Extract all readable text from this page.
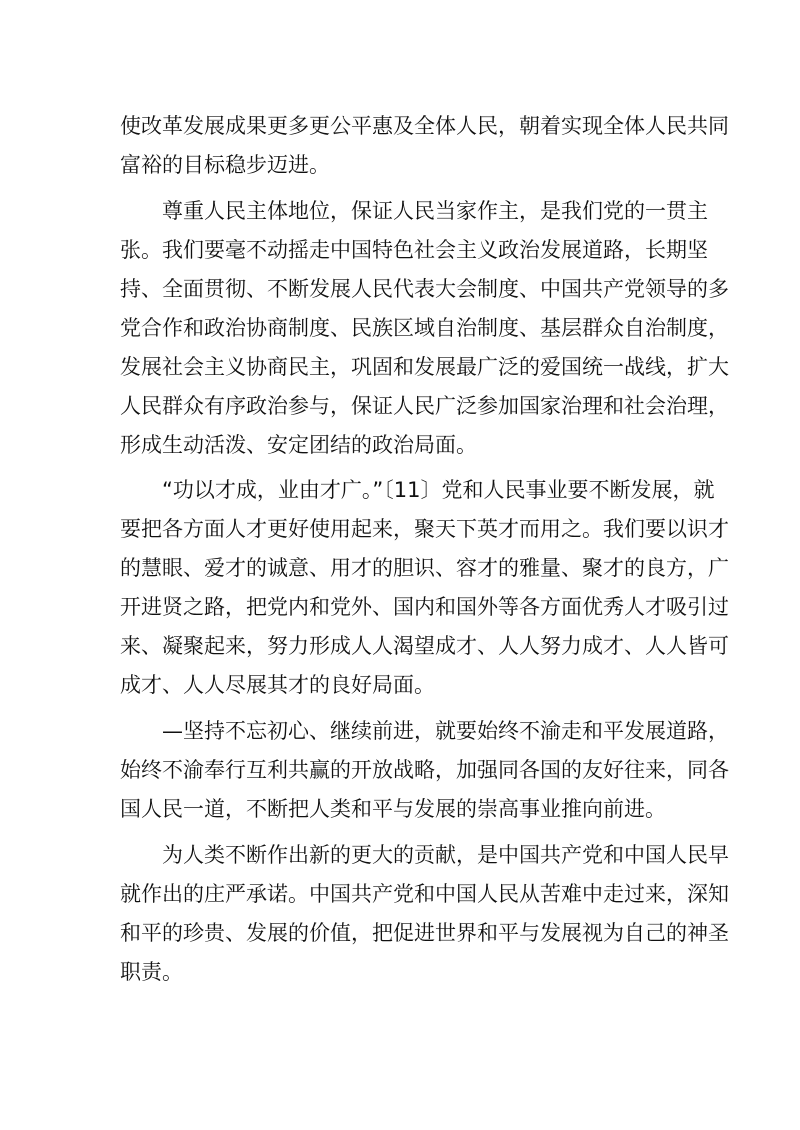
使改革发展成果更多更公平惠及全体人民，朝着实现全体人民共同
富裕的目标稳步迈进。
尊重人民主体地位，保证人民当家作主，是我们党的一贯主
张。我们要毫不动摇走中国特色社会主义政治发展道路，长期坚
持、全面贯彻、不断发展人民代表大会制度、中国共产党领导的多
党合作和政治协商制度、民族区域自治制度、基层群众自治制度，
发展社会主义协商民主，巩固和发展最广泛的爱国统一战线，扩大
人民群众有序政治参与，保证人民广泛参加国家治理和社会治理，
形成生动活泼、安定团结的政治局面。
“功以才成，业由才广。”〔11〕党和人民事业要不断发展，就
要把各方面人才更好使用起来，聚天下英才而用之。我们要以识才
的慧眼、爱才的诚意、用才的胆识、容才的雅量、聚才的良方，广
开进贤之路，把党内和党外、国内和国外等各方面优秀人才吸引过
来、凝聚起来，努力形成人人渴望成才、人人努力成才、人人皆可
成才、人人尽展其才的良好局面。
—坚持不忘初心、继续前进，就要始终不渝走和平发展道路，
始终不渝奉行互利共赢的开放战略，加强同各国的友好往来，同各
国人民一道，不断把人类和平与发展的崇高事业推向前进。
为人类不断作出新的更大的贡献，是中国共产党和中国人民早
就作出的庄严承诺。中国共产党和中国人民从苦难中走过来，深知
和平的珍贵、发展的价值，把促进世界和平与发展视为自己的神圣
职责。
